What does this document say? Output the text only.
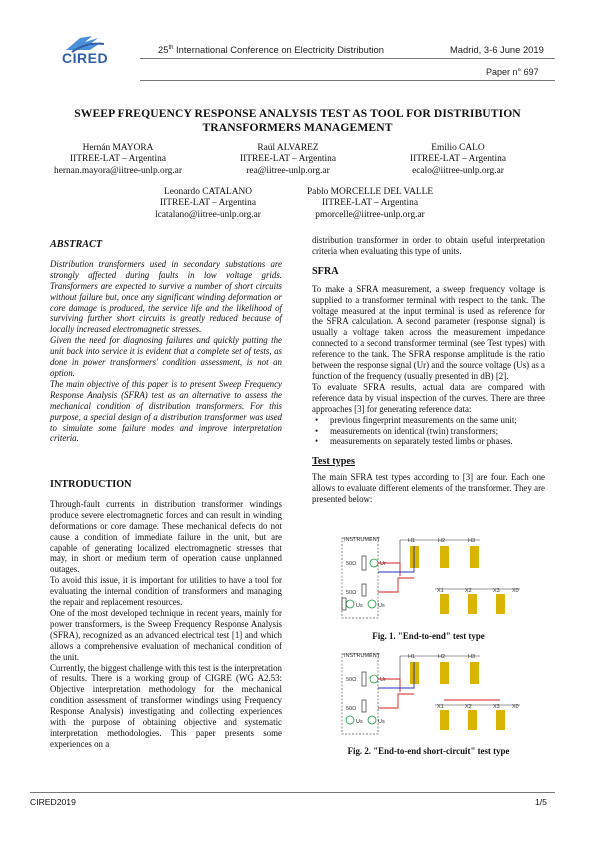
CIRED
25th International Conference on Electricity Distribution	Madrid, 3-6 June 2019
Paper n° 697
SWEEP FREQUENCY RESPONSE ANALYSIS TEST AS TOOL FOR DISTRIBUTION
TRANSFORMERS MANAGEMENT
Hernán MAYORA
IITREE-LAT – Argentina
hernan.mayora@iitree-unlp.org.ar
Raúl ALVAREZ
IITREE-LAT – Argentina
rea@iitree-unlp.org.ar
Emilio CALO
IITREE-LAT – Argentina
ecalo@iitree-unlp.org.ar
Leonardo CATALANO
IITREE-LAT – Argentina
lcatalano@iitree-unlp.org.ar
Pablo MORCELLE DEL VALLE
IITREE-LAT – Argentina
pmorcelle@iitree-unlp.org.ar

ABSTRACT

Distribution transformers used in secondary substations are strongly affected during faults in low voltage grids. Transformers are expected to survive a number of short circuits without failure but, once any significant winding deformation or core damage is produced, the service life and the likelihood of surviving further short circuits is greatly reduced because of locally increased electromagnetic stresses.

Given the need for diagnosing failures and quickly putting the unit back into service it is evident that a complete set of tests, as done in power transformers' condition assessment, is not an option.

The main objective of this paper is to present Sweep Frequency Response Analysis (SFRA) test as an alternative to assess the mechanical condition of distribution transformers. For this purpose, a special design of a distribution transformer was used to simulate some failure modes and improve interpretation criteria.

INTRODUCTION

Through-fault currents in distribution transformer windings produce severe electromagnetic forces and can result in winding deformations or core damage. These mechanical defects do not cause a condition of immediate failure in the unit, but are capable of generating localized electromagnetic stresses that may, in short or medium term of operation cause unplanned outages.

To avoid this issue, it is important for utilities to have a tool for evaluating the internal condition of transformers and managing the repair and replacement resources.

One of the most developed technique in recent years, mainly for power transformers, is the Sweep Frequency Response Analysis (SFRA), recognized as an advanced electrical test [1] and which allows a comprehensive evaluation of mechanical condition of the unit.

Currently, the biggest challenge with this test is the interpretation of results. There is a working group of CIGRE (WG A2.53: Objective interpretation methodology for the mechanical condition assessment of transformer windings using Frequency Response Analysis) investigating and collecting experiences with the purpose of obtaining objective and systematic interpretation methodologies. This paper presents some experiences on a

distribution transformer in order to obtain useful interpretation criteria when evaluating this type of units.

SFRA

To make a SFRA measurement, a sweep frequency voltage is supplied to a transformer terminal with respect to the tank. The voltage measured at the input terminal is used as reference for the SFRA calculation. A second parameter (response signal) is usually a voltage taken across the measurement impedance connected to a second transformer terminal (see Test types) with reference to the tank. The SFRA response amplitude is the ratio between the response signal (Ur) and the source voltage (Us) as a function of the frequency (usually presented in dB) [2].

To evaluate SFRA results, actual data are compared with reference data by visual inspection of the curves. There are three approaches [3] for generating reference data:

• previous fingerprint measurements on the same unit;
• measurements on identical (twin) transformers;
• measurements on separately tested limbs or phases.

Test types

The main SFRA test types according to [3] are four. Each one allows to evaluate different elements of the transformer. They are presented below:

INSTRUMENT
50Ω	Ur
50Ω
Us	Us
H1	H2	H3
X1	X2	X3 X0
Fig. 1. "End-to-end" test type
INSTRUMENT
50Ω	Ur
50Ω
Us	Us
H1	H2	H3
X1	X2	X3 X0
Fig. 2. "End-to-end short-circuit" test type
CIRED2019	1/5
